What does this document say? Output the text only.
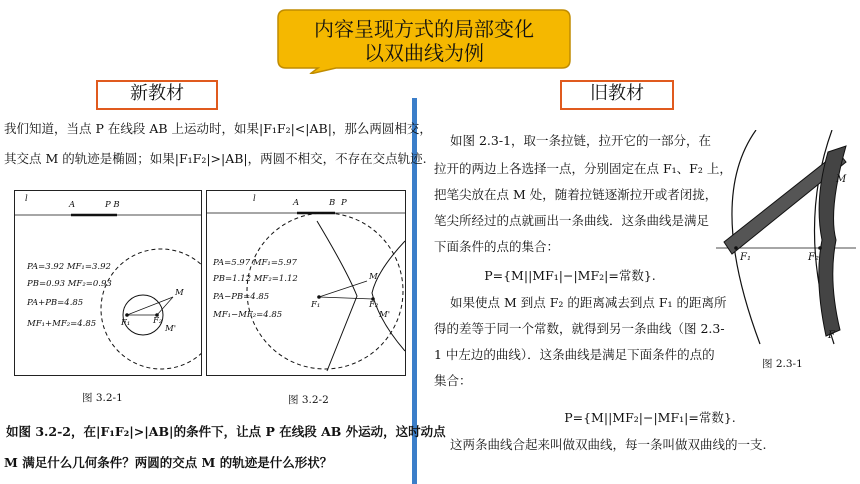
内容呈现方式的局部变化
以双曲线为例
新教材	旧教材
我们知道，当点 P 在线段 AB 上运动时，如果|F₁F₂|<|AB|，那么两圆相交，
其交点 M 的轨迹是椭圆；如果|F₁F₂|>|AB|，两圆不相交，不存在交点轨迹.
l
A	P B
PA=3.92 MF₁=3.92
PB=0.93 MF₂=0.93
PA+PB=4.85
MF₁+MF₂=4.85
M
F₁	F₂
M'
图 3.2-1
l	A	B P
PA=5.97 MF₁=5.97
PB=1.12 MF₂=1.12
PA−PB=4.85
MF₁−MF₂=4.85
M
F₁	F₂
M'
图 3.2-2
如图 3.2-2，在|F₁F₂|>|AB|的条件下，让点 P 在线段 AB 外运动，这时动点
M 满足什么几何条件？两圆的交点 M 的轨迹是什么形状？
如图 2.3-1，取一条拉链，拉开它的一部分，在
拉开的两边上各选择一点，分别固定在点 F₁、F₂ 上，
把笔尖放在点 M 处，随着拉链逐渐拉开或者闭拢，
笔尖所经过的点就画出一条曲线．这条曲线是满足
下面条件的点的集合：
P={M||MF₁|−|MF₂|=常数}.
如果使点 M 到点 F₂ 的距离减去到点 F₁ 的距离所
得的差等于同一个常数，就得到另一条曲线（图 2.3-
1 中左边的曲线）．这条曲线是满足下面条件的点的
集合：
P={M||MF₂|−|MF₁|=常数}.
这两条曲线合起来叫做双曲线，每一条叫做双曲线的一支.
M
F₁	F₂
F
图 2.3-1
